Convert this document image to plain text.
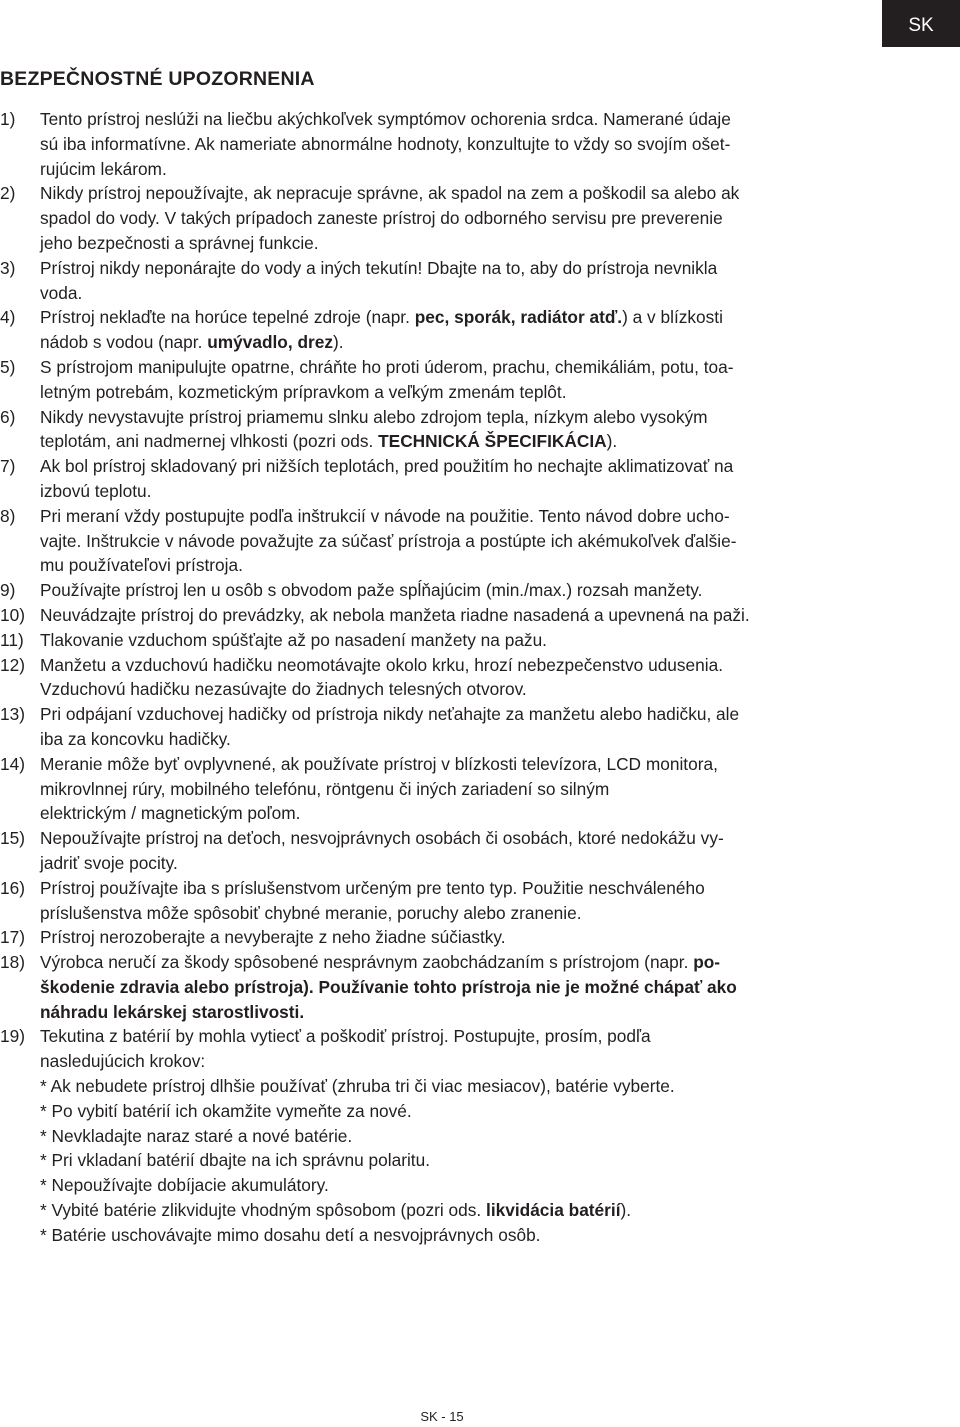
SK
BEZPEČNOSTNÉ UPOZORNENIA
1)	Tento prístroj neslúži na liečbu akýchkoľvek symptómov ochorenia srdca. Namerané údaje
sú iba informatívne. Ak nameriate abnormálne hodnoty, konzultujte to vždy so svojím ošet-
rujúcim lekárom.

2)	Nikdy prístroj nepoužívajte, ak nepracuje správne, ak spadol na zem a poškodil sa alebo ak
spadol do vody. V takých prípadoch zaneste prístroj do odborného servisu pre preverenie
jeho bezpečnosti a správnej funkcie.

3)	Prístroj nikdy neponárajte do vody a iných tekutín! Dbajte na to, aby do prístroja nevnikla
voda.

4)	Prístroj neklaďte na horúce tepelné zdroje (napr. pec, sporák, radiátor atď.) a v blízkosti
nádob s vodou (napr. umývadlo, drez).

5)	S prístrojom manipulujte opatrne, chráňte ho proti úderom, prachu, chemikáliám, potu, toa-
letným potrebám, kozmetickým prípravkom a veľkým zmenám teplôt.

6)	Nikdy nevystavujte prístroj priamemu slnku alebo zdrojom tepla, nízkym alebo vysokým
teplotám, ani nadmernej vlhkosti (pozri ods. TECHNICKÁ ŠPECIFIKÁCIA).

7)	Ak bol prístroj skladovaný pri nižších teplotách, pred použitím ho nechajte aklimatizovať na
izbovú teplotu.

8)	Pri meraní vždy postupujte podľa inštrukcií v návode na použitie. Tento návod dobre ucho-
vajte. Inštrukcie v návode považujte za súčasť prístroja a postúpte ich akémukoľvek ďalšie-
mu používateľovi prístroja.

9)	Používajte prístroj len u osôb s obvodom paže spĺňajúcim (min./max.) rozsah manžety.

10) Neuvádzajte prístroj do prevádzky, ak nebola manžeta riadne nasadená a upevnená na paži.

11) Tlakovanie vzduchom spúšťajte až po nasadení manžety na pažu.

12) Manžetu a vzduchovú hadičku neomotávajte okolo krku, hrozí nebezpečenstvo udusenia.
Vzduchovú hadičku nezasúvajte do žiadnych telesných otvorov.

13) Pri odpájaní vzduchovej hadičky od prístroja nikdy neťahajte za manžetu alebo hadičku, ale
iba za koncovku hadičky.

14) Meranie môže byť ovplyvnené, ak používate prístroj v blízkosti televízora, LCD monitora,
mikrovlnnej rúry, mobilného telefónu, röntgenu či iných zariadení so silným
elektrickým / magnetickým poľom.

15) Nepoužívajte prístroj na deťoch, nesvojprávnych osobách či osobách, ktoré nedokážu vy-
jadriť svoje pocity.

16) Prístroj používajte iba s príslušenstvom určeným pre tento typ. Použitie neschváleného
príslušenstva môže spôsobiť chybné meranie, poruchy alebo zranenie.

17) Prístroj nerozoberajte a nevyberajte z neho žiadne súčiastky.

18) Výrobca neručí za škody spôsobené nesprávnym zaobchádzaním s prístrojom (napr. po-
škodenie zdravia alebo prístroja). Používanie tohto prístroja nie je možné chápať ako
náhradu lekárskej starostlivosti.

19) Tekutina z batérií by mohla vytiecť a poškodiť prístroj. Postupujte, prosím, podľa
nasledujúcich krokov:

* Ak nebudete prístroj dlhšie používať (zhruba tri či viac mesiacov), batérie vyberte.
* Po vybití batérií ich okamžite vymeňte za nové.
* Nevkladajte naraz staré a nové batérie.
* Pri vkladaní batérií dbajte na ich správnu polaritu.
* Nepoužívajte dobíjacie akumulátory.
* Vybité batérie zlikvidujte vhodným spôsobom (pozri ods. likvidácia batérií).
* Batérie uschovávajte mimo dosahu detí a nesvojprávnych osôb.
SK - 15
